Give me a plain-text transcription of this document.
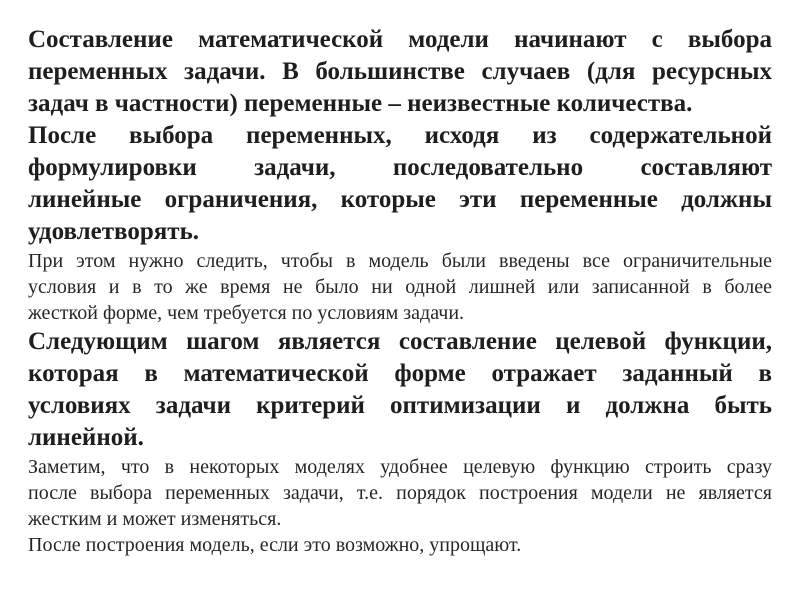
Составление математической модели начинают с выбора
переменных задачи. В большинстве случаев (для ресурсных
задач в частности) переменные – неизвестные количества.
После выбора переменных, исходя из содержательной
формулировки задачи, последовательно составляют
линейные ограничения, которые эти переменные должны
удовлетворять.
При этом нужно следить, чтобы в модель были введены все ограничительные
условия и в то же время не было ни одной лишней или записанной в более
жесткой форме, чем требуется по условиям задачи.
Следующим шагом является составление целевой функции,
которая в математической форме отражает заданный в
условиях задачи критерий оптимизации и должна быть
линейной.
Заметим, что в некоторых моделях удобнее целевую функцию строить сразу
после выбора переменных задачи, т.е. порядок построения модели не является
жестким и может изменяться.
После построения модель, если это возможно, упрощают.
